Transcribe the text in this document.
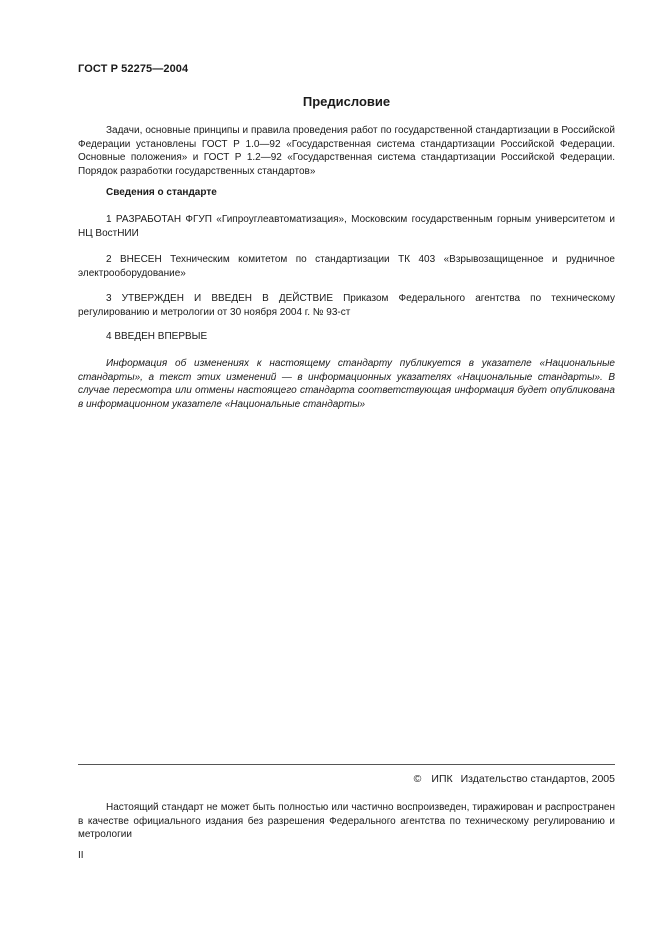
ГОСТ Р 52275—2004
Предисловие

Задачи, основные принципы и правила проведения работ по государственной стандартизации в Российской Федерации установлены ГОСТ Р 1.0—92 «Государственная система стандартизации Российской Федерации. Основные положения» и ГОСТ Р 1.2—92 «Государственная система стандартизации Российской Федерации. Порядок разработки государственных стандартов»

Сведения о стандарте

1 РАЗРАБОТАН ФГУП «Гипроуглеавтоматизация», Московским государственным горным университетом и НЦ ВостНИИ

2 ВНЕСЕН Техническим комитетом по стандартизации ТК 403 «Взрывозащищенное и рудничное электрооборудование»

3 УТВЕРЖДЕН И ВВЕДЕН В ДЕЙСТВИЕ Приказом Федерального агентства по техническому регулированию и метрологии от 30 ноября 2004 г. № 93-ст

4 ВВЕДЕН ВПЕРВЫЕ

Информация об изменениях к настоящему стандарту публикуется в указателе «Национальные стандарты», а текст этих изменений — в информационных указателях «Национальные стандарты». В случае пересмотра или отмены настоящего стандарта соответствующая информация будет опубликована в информационном указателе «Национальные стандарты»

© ИПК Издательство стандартов, 2005

Настоящий стандарт не может быть полностью или частично воспроизведен, тиражирован и распространен в качестве официального издания без разрешения Федерального агентства по техническому регулированию и метрологии

II
